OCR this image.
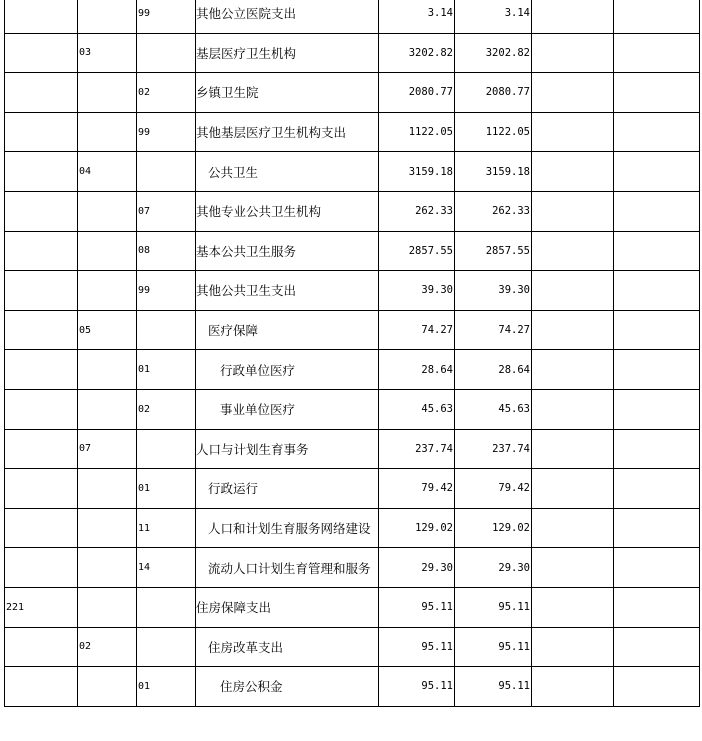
		99	其他公立医院支出	3.14	3.14		
	03		基层医疗卫生机构	3202.82	3202.82		
		02	乡镇卫生院	2080.77	2080.77		
		99	其他基层医疗卫生机构支出	1122.05	1122.05		
	04		公共卫生	3159.18	3159.18		
		07	其他专业公共卫生机构	262.33	262.33		
		08	基本公共卫生服务	2857.55	2857.55		
		99	其他公共卫生支出	39.30	39.30		
	05		医疗保障	74.27	74.27		
		01	行政单位医疗	28.64	28.64		
		02	事业单位医疗	45.63	45.63		
	07		人口与计划生育事务	237.74	237.74		
		01	行政运行	79.42	79.42		
		11	人口和计划生育服务网络建设	129.02	129.02		
		14	流动人口计划生育管理和服务	29.30	29.30		
221			住房保障支出	95.11	95.11		
	02		住房改革支出	95.11	95.11		
		01	住房公积金	95.11	95.11		
